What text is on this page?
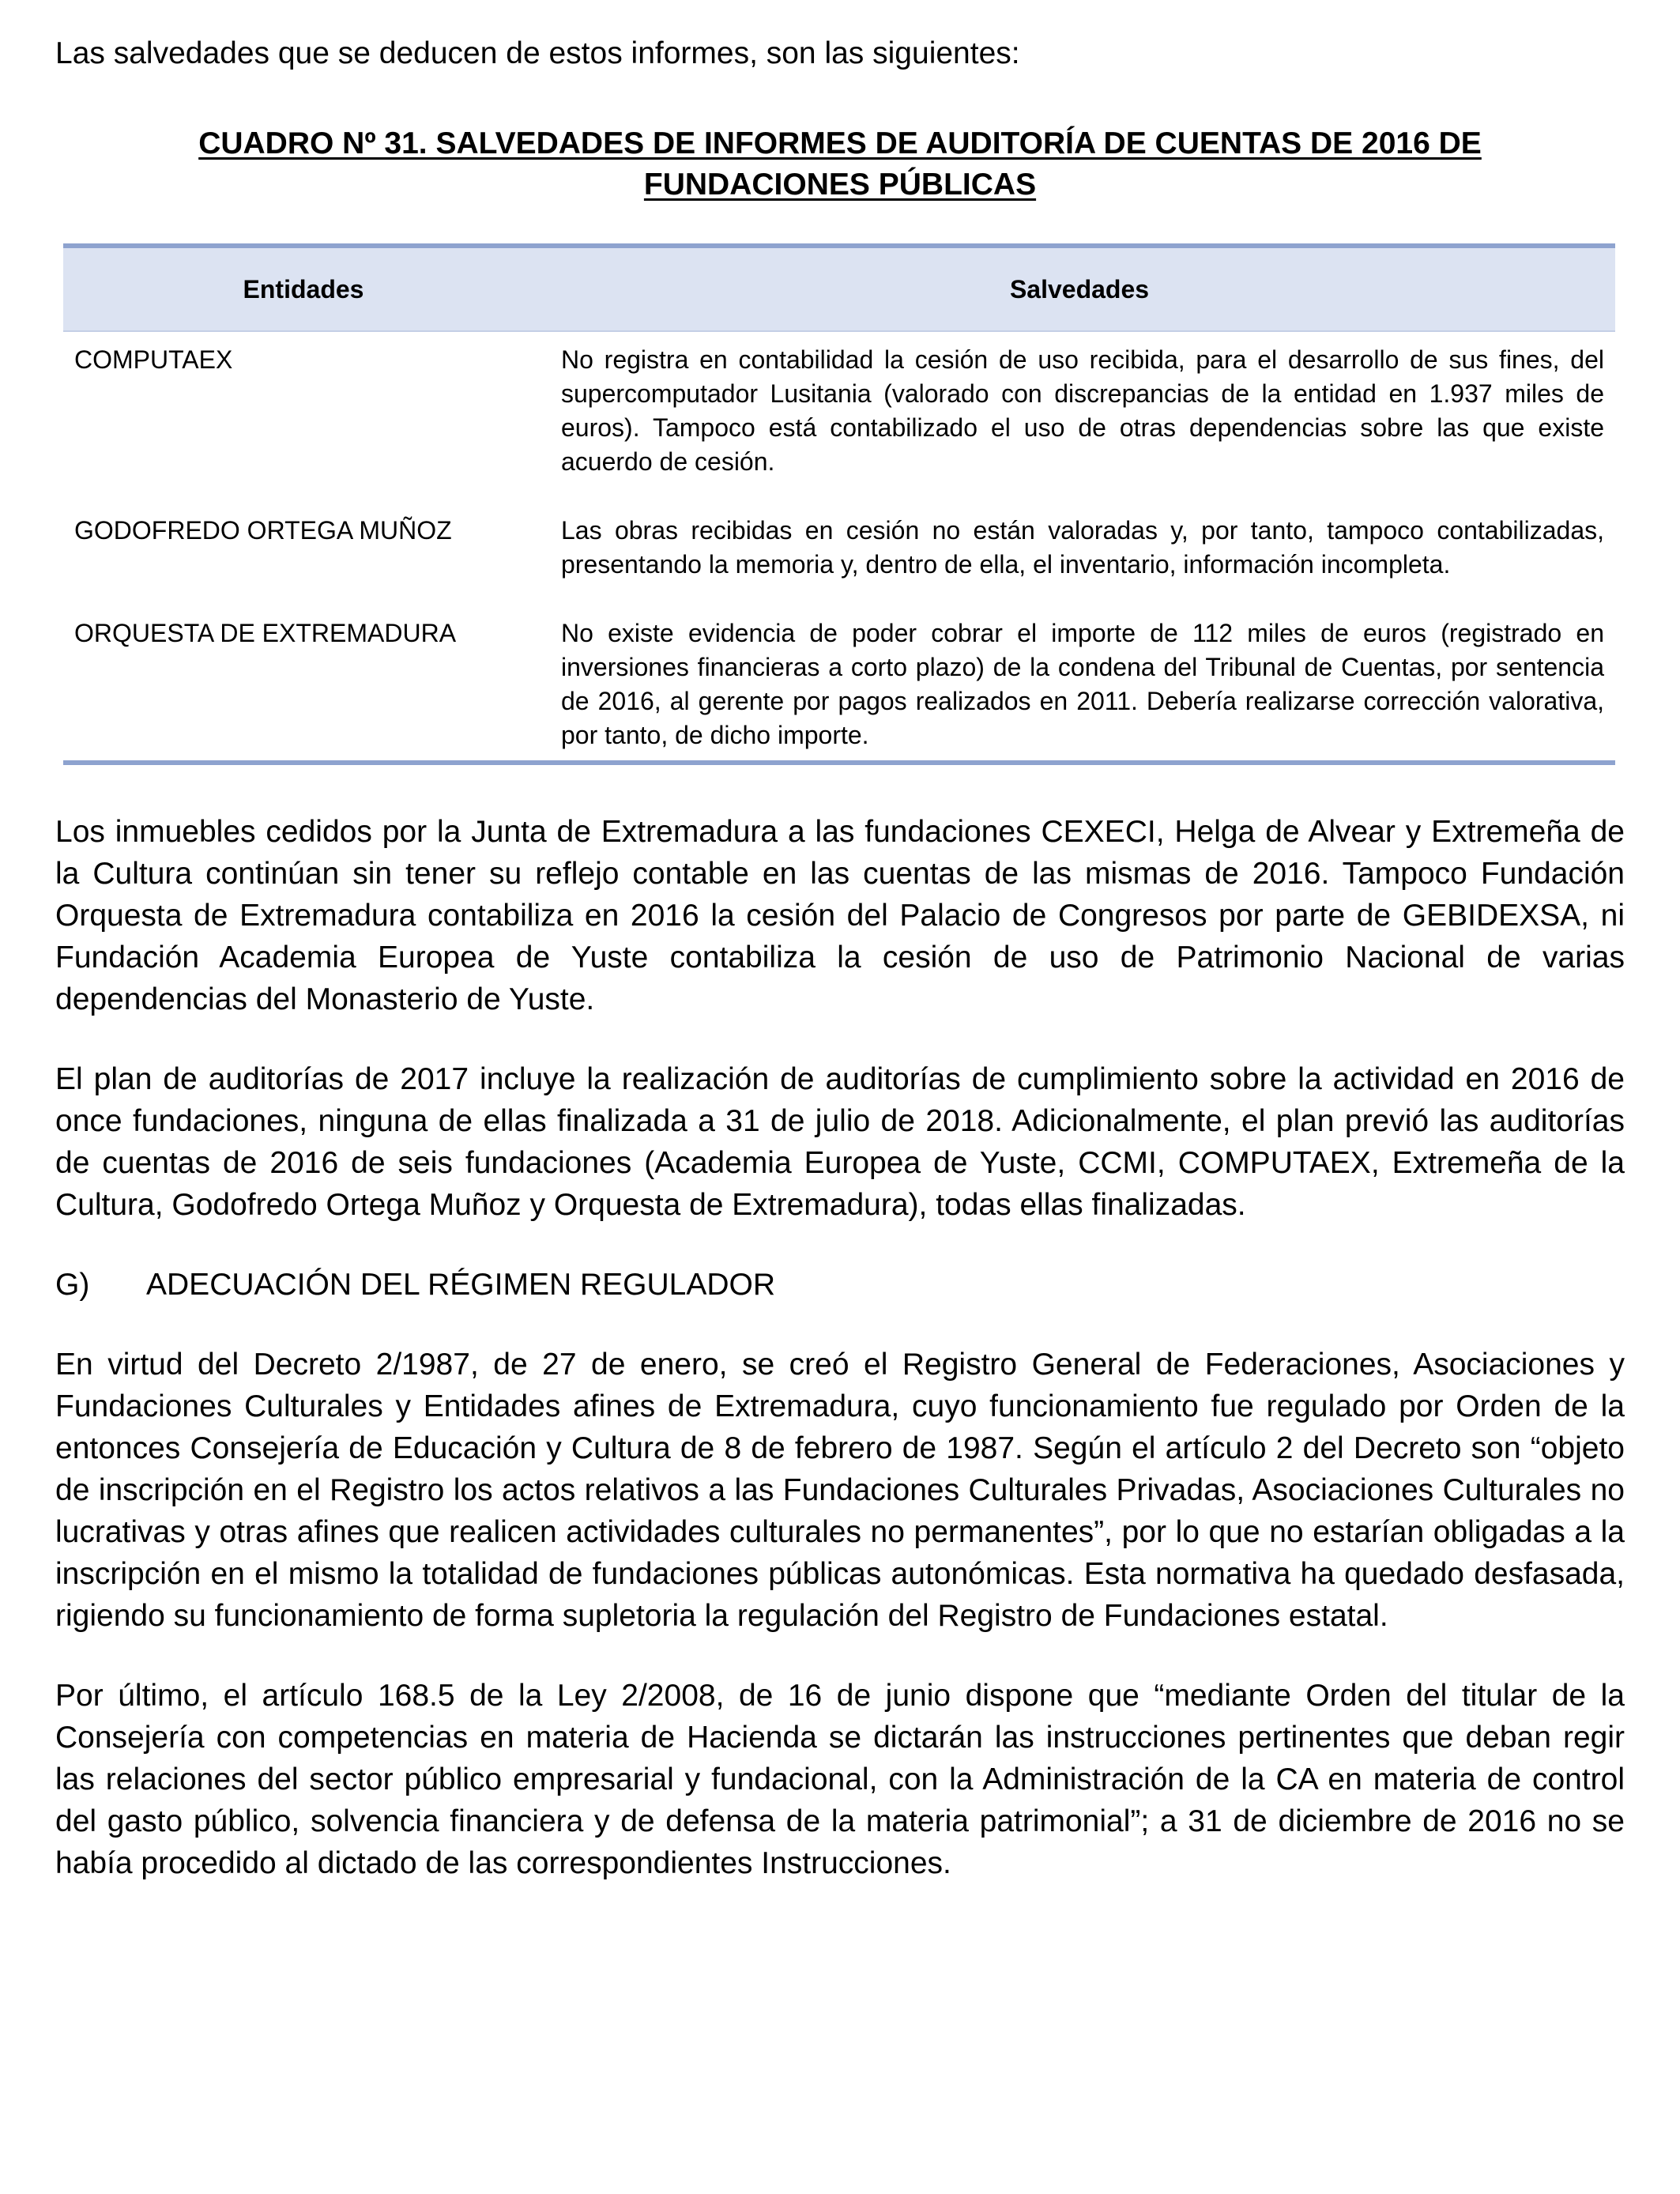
Las salvedades que se deducen de estos informes, son las siguientes:

CUADRO Nº 31. SALVEDADES DE INFORMES DE AUDITORÍA DE CUENTAS DE 2016 DE
FUNDACIONES PÚBLICAS
Entidades	Salvedades
COMPUTAEX	No registra en contabilidad la cesión de uso recibida, para el desarrollo de sus fines, del supercomputador Lusitania (valorado con discrepancias de la entidad en 1.937 miles de euros). Tampoco está contabilizado el uso de otras dependencias sobre las que existe acuerdo de cesión.
GODOFREDO ORTEGA MUÑOZ	Las obras recibidas en cesión no están valoradas y, por tanto, tampoco contabilizadas, presentando la memoria y, dentro de ella, el inventario, información incompleta.
ORQUESTA DE EXTREMADURA	No existe evidencia de poder cobrar el importe de 112 miles de euros (registrado en inversiones financieras a corto plazo) de la condena del Tribunal de Cuentas, por sentencia de 2016, al gerente por pagos realizados en 2011. Debería realizarse corrección valorativa, por tanto, de dicho importe.

Los inmuebles cedidos por la Junta de Extremadura a las fundaciones CEXECI, Helga de Alvear y Extremeña de la Cultura continúan sin tener su reflejo contable en las cuentas de las mismas de 2016. Tampoco Fundación Orquesta de Extremadura contabiliza en 2016 la cesión del Palacio de Congresos por parte de GEBIDEXSA, ni Fundación Academia Europea de Yuste contabiliza la cesión de uso de Patrimonio Nacional de varias dependencias del Monasterio de Yuste.

El plan de auditorías de 2017 incluye la realización de auditorías de cumplimiento sobre la actividad en 2016 de once fundaciones, ninguna de ellas finalizada a 31 de julio de 2018. Adicionalmente, el plan previó las auditorías de cuentas de 2016 de seis fundaciones (Academia Europea de Yuste, CCMI, COMPUTAEX, Extremeña de la Cultura, Godofredo Ortega Muñoz y Orquesta de Extremadura), todas ellas finalizadas.

G)	ADECUACIÓN DEL RÉGIMEN REGULADOR

En virtud del Decreto 2/1987, de 27 de enero, se creó el Registro General de Federaciones, Asociaciones y Fundaciones Culturales y Entidades afines de Extremadura, cuyo funcionamiento fue regulado por Orden de la entonces Consejería de Educación y Cultura de 8 de febrero de 1987. Según el artículo 2 del Decreto son “objeto de inscripción en el Registro los actos relativos a las Fundaciones Culturales Privadas, Asociaciones Culturales no lucrativas y otras afines que realicen actividades culturales no permanentes”, por lo que no estarían obligadas a la inscripción en el mismo la totalidad de fundaciones públicas autonómicas. Esta normativa ha quedado desfasada, rigiendo su funcionamiento de forma supletoria la regulación del Registro de Fundaciones estatal.

Por último, el artículo 168.5 de la Ley 2/2008, de 16 de junio dispone que “mediante Orden del titular de la Consejería con competencias en materia de Hacienda se dictarán las instrucciones pertinentes que deban regir las relaciones del sector público empresarial y fundacional, con la Administración de la CA en materia de control del gasto público, solvencia financiera y de defensa de la materia patrimonial”; a 31 de diciembre de 2016 no se había procedido al dictado de las correspondientes Instrucciones.
